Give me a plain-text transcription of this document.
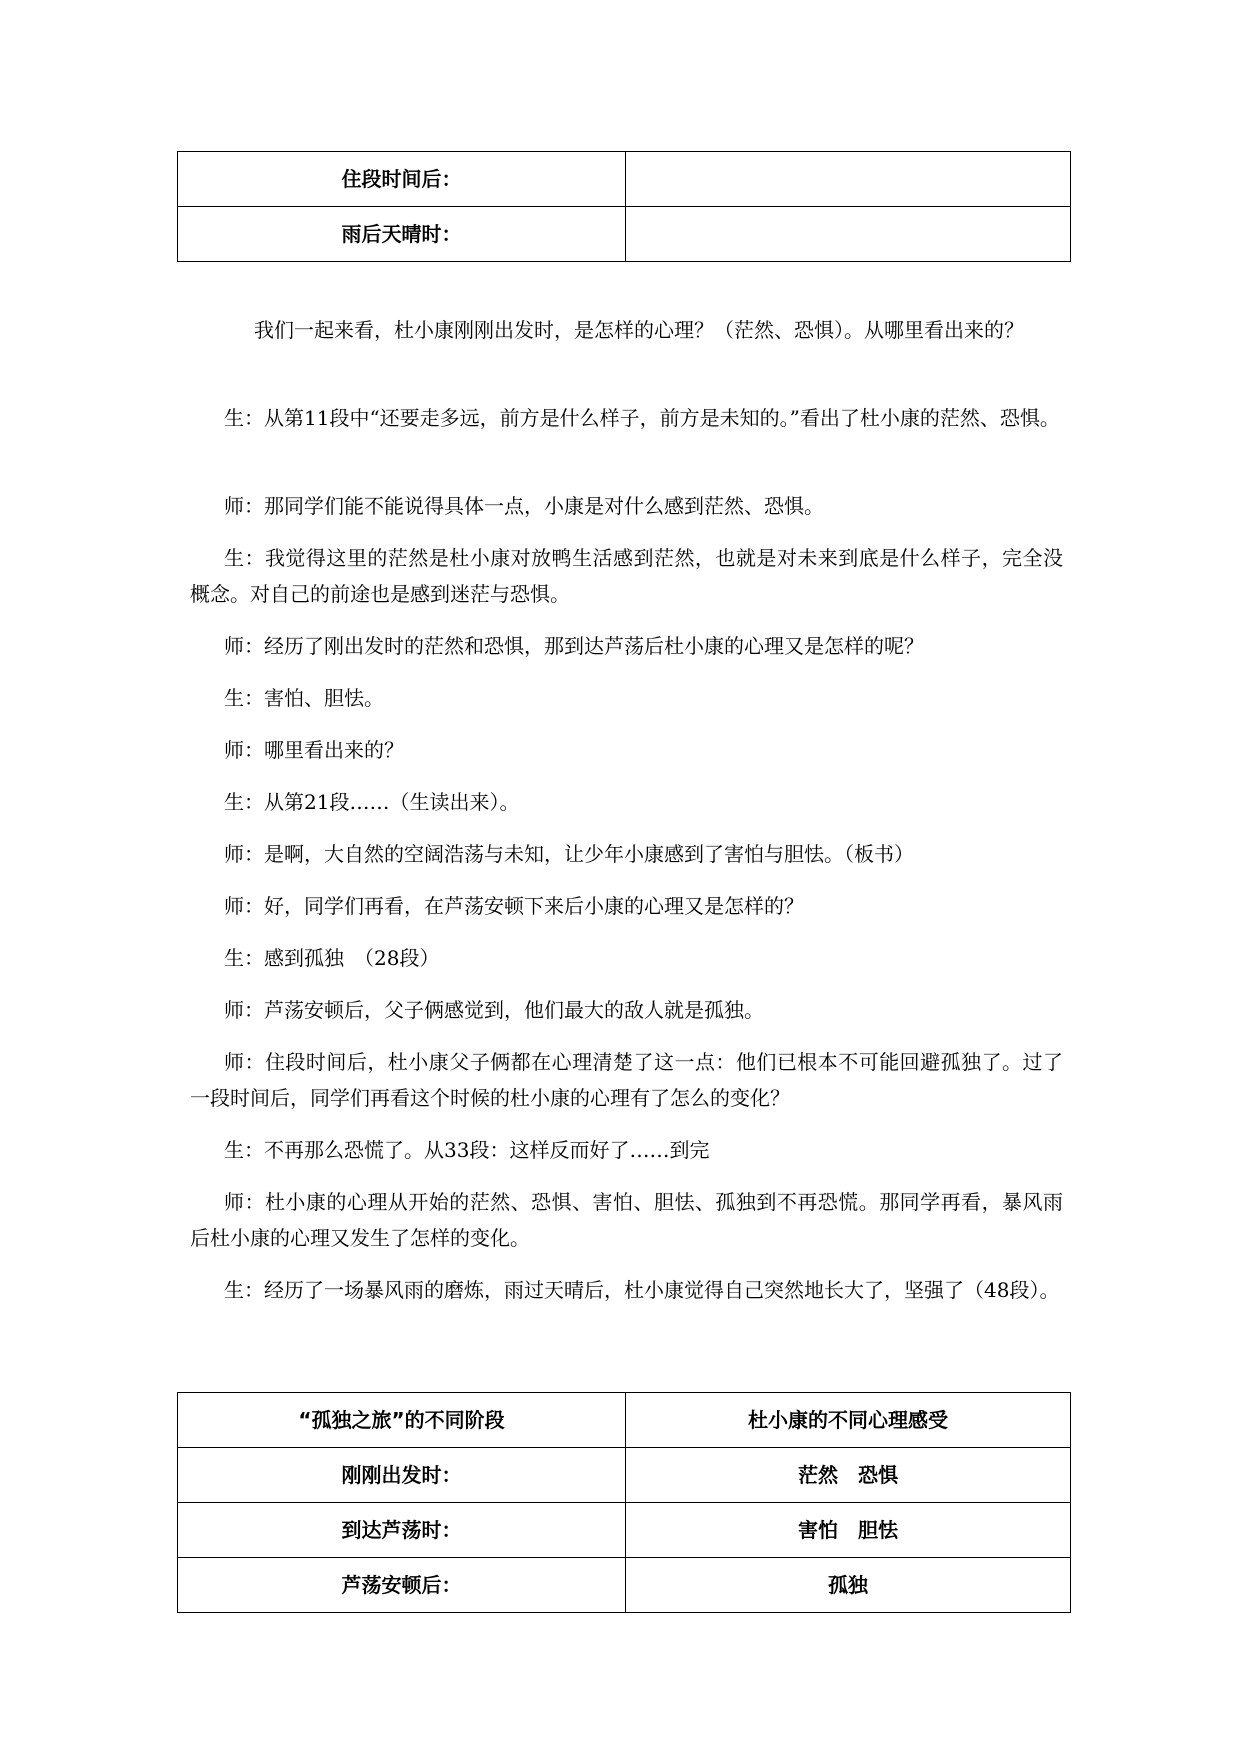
住段时间后：	
雨后天晴时：	

我们一起来看，杜小康刚刚出发时，是怎样的心理？（茫然、恐惧）。从哪里看出来的？

生：从第11段中“还要走多远，前方是什么样子，前方是未知的。”看出了杜小康的茫然、恐惧。

师：那同学们能不能说得具体一点，小康是对什么感到茫然、恐惧。

生：我觉得这里的茫然是杜小康对放鸭生活感到茫然，也就是对未来到底是什么样子，完全没概念。对自己的前途也是感到迷茫与恐惧。

师：经历了刚出发时的茫然和恐惧，那到达芦荡后杜小康的心理又是怎样的呢？

生：害怕、胆怯。

师：哪里看出来的？

生：从第21段……（生读出来）。

师：是啊，大自然的空阔浩荡与未知，让少年小康感到了害怕与胆怯。（板书）

师：好，同学们再看，在芦荡安顿下来后小康的心理又是怎样的？

生：感到孤独　（28段）

师：芦荡安顿后，父子俩感觉到，他们最大的敌人就是孤独。

师：住段时间后，杜小康父子俩都在心理清楚了这一点：他们已根本不可能回避孤独了。过了一段时间后，同学们再看这个时候的杜小康的心理有了怎么的变化？

生：不再那么恐慌了。从33段：这样反而好了……到完

师：杜小康的心理从开始的茫然、恐惧、害怕、胆怯、孤独到不再恐慌。那同学再看，暴风雨后杜小康的心理又发生了怎样的变化。

生：经历了一场暴风雨的磨炼，雨过天晴后，杜小康觉得自己突然地长大了，坚强了（48段）。

“孤独之旅”的不同阶段	杜小康的不同心理感受
刚刚出发时：	茫然　恐惧
到达芦荡时：	害怕　胆怯
芦荡安顿后：	孤独
